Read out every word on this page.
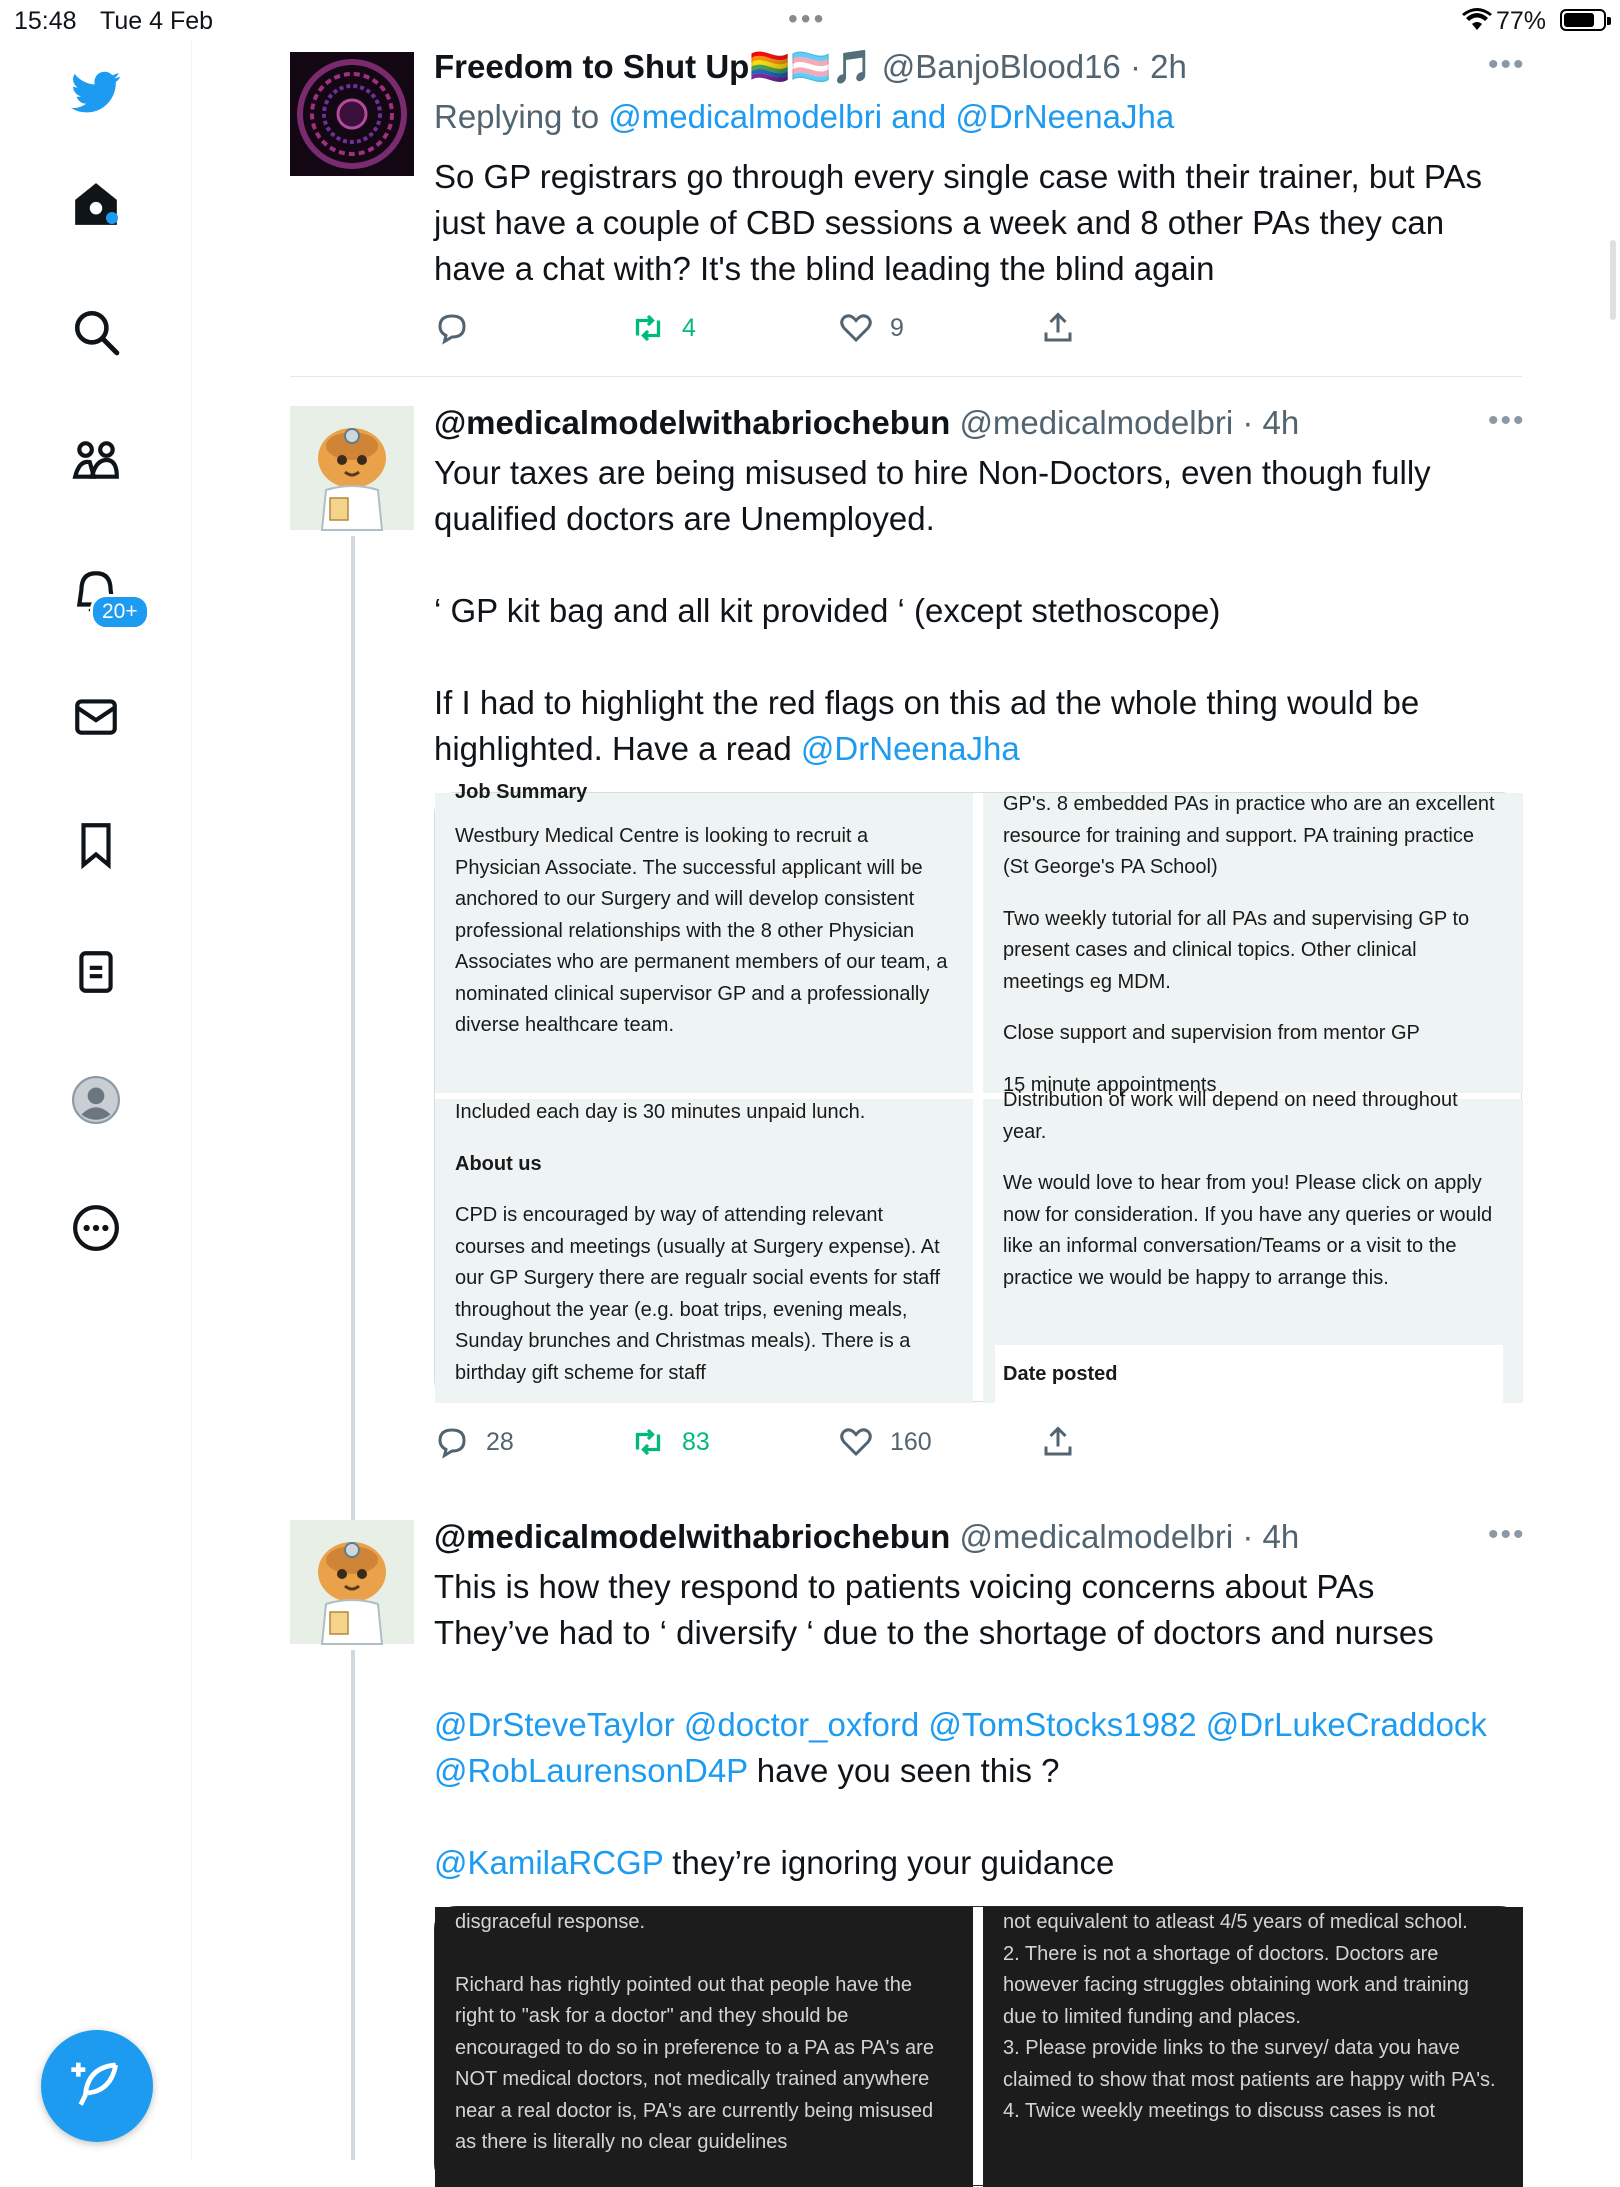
15:48 Tue 4 Feb	•••	77%
20+
Freedom to Shut Up🏳️‍🌈🏳️‍⚧️🎵 @BanjoBlood16 · 2h	•••
Replying to @medicalmodelbri and @DrNeenaJha
So GP registrars go through every single case with their trainer, but PAs just have a couple of CBD sessions a week and 8 other PAs they can have a chat with? It's the blind leading the blind again
4	9
@medicalmodelwithabriochebun @medicalmodelbri · 4h	•••

Your taxes are being misused to hire Non-Doctors, even though fully qualified doctors are Unemployed.

‘ GP kit bag and all kit provided ‘ (except stethoscope)

If I had to highlight the red flags on this ad the whole thing would be highlighted. Have a read @DrNeenaJha

Job Summary
Westbury Medical Centre is looking to recruit a Physician Associate. The successful applicant will be anchored to our Surgery and will develop consistent professional relationships with the 8 other Physician Associates who are permanent members of our team, a nominated clinical supervisor GP and a professionally diverse healthcare team.

GP's. 8 embedded PAs in practice who are an excellent resource for training and support. PA training practice (St George's PA School)

Two weekly tutorial for all PAs and supervising GP to present cases and clinical topics. Other clinical meetings eg MDM.

Close support and supervision from mentor GP

15 minute appointments

Included each day is 30 minutes unpaid lunch.

About us

CPD is encouraged by way of attending relevant courses and meetings (usually at Surgery expense). At our GP Surgery there are regualr social events for staff throughout the year (e.g. boat trips, evening meals, Sunday brunches and Christmas meals). There is a birthday gift scheme for staff

Distribution of work will depend on need throughout year.

We would love to hear from you! Please click on apply now for consideration. If you have any queries or would like an informal conversation/Teams or a visit to the practice we would be happy to arrange this.

Date posted
28	83	160
@medicalmodelwithabriochebun @medicalmodelbri · 4h	•••

This is how they respond to patients voicing concerns about PAs

They’ve had to ‘ diversify ‘ due to the shortage of doctors and nurses

@DrSteveTaylor @doctor_oxford @TomStocks1982 @DrLukeCraddock

@RobLaurensonD4P have you seen this ?

@KamilaRCGP they’re ignoring your guidance

disgraceful response.

Richard has rightly pointed out that people have the right to "ask for a doctor" and they should be encouraged to do so in preference to a PA as PA's are NOT medical doctors, not medically trained anywhere near a real doctor is, PA's are currently being misused as there is literally no clear guidelines

not equivalent to atleast 4/5 years of medical school.

2. There is not a shortage of doctors. Doctors are however facing struggles obtaining work and training due to limited funding and places.

3. Please provide links to the survey/ data you have claimed to show that most patients are happy with PA's.

4. Twice weekly meetings to discuss cases is not
